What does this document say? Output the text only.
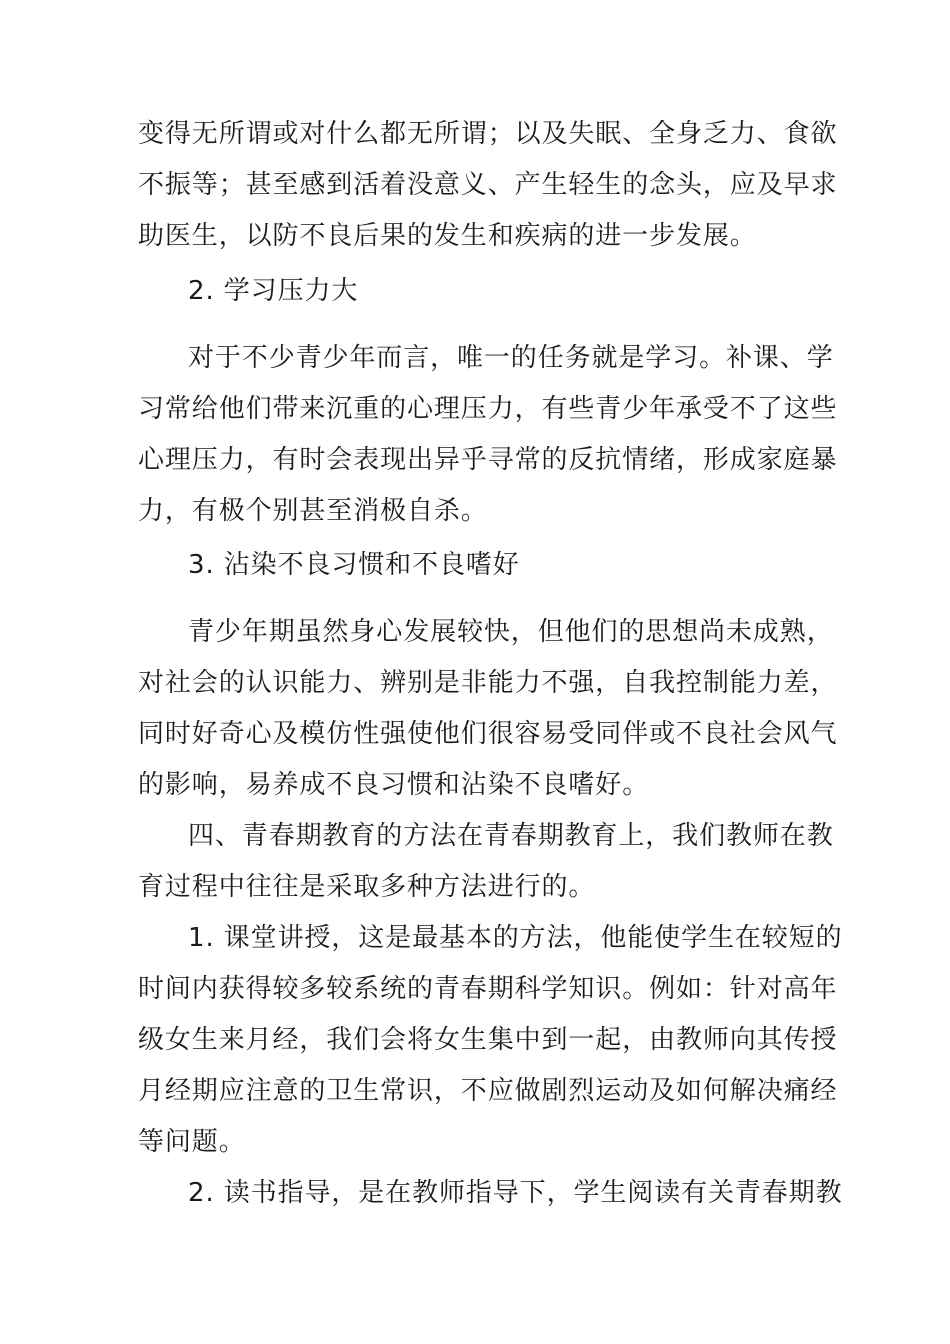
变得无所谓或对什么都无所谓；以及失眠、全身乏力、食欲
不振等；甚至感到活着没意义、产生轻生的念头，应及早求
助医生，以防不良后果的发生和疾病的进一步发展。
2. 学习压力大
对于不少青少年而言，唯一的任务就是学习。补课、学
习常给他们带来沉重的心理压力，有些青少年承受不了这些
心理压力，有时会表现出异乎寻常的反抗情绪，形成家庭暴
力，有极个别甚至消极自杀。
3. 沾染不良习惯和不良嗜好
青少年期虽然身心发展较快，但他们的思想尚未成熟，
对社会的认识能力、辨别是非能力不强，自我控制能力差，
同时好奇心及模仿性强使他们很容易受同伴或不良社会风气
的影响，易养成不良习惯和沾染不良嗜好。
四、青春期教育的方法在青春期教育上，我们教师在教
育过程中往往是采取多种方法进行的。
1. 课堂讲授，这是最基本的方法，他能使学生在较短的
时间内获得较多较系统的青春期科学知识。例如：针对高年
级女生来月经，我们会将女生集中到一起，由教师向其传授
月经期应注意的卫生常识，不应做剧烈运动及如何解决痛经
等问题。
2. 读书指导，是在教师指导下，学生阅读有关青春期教
